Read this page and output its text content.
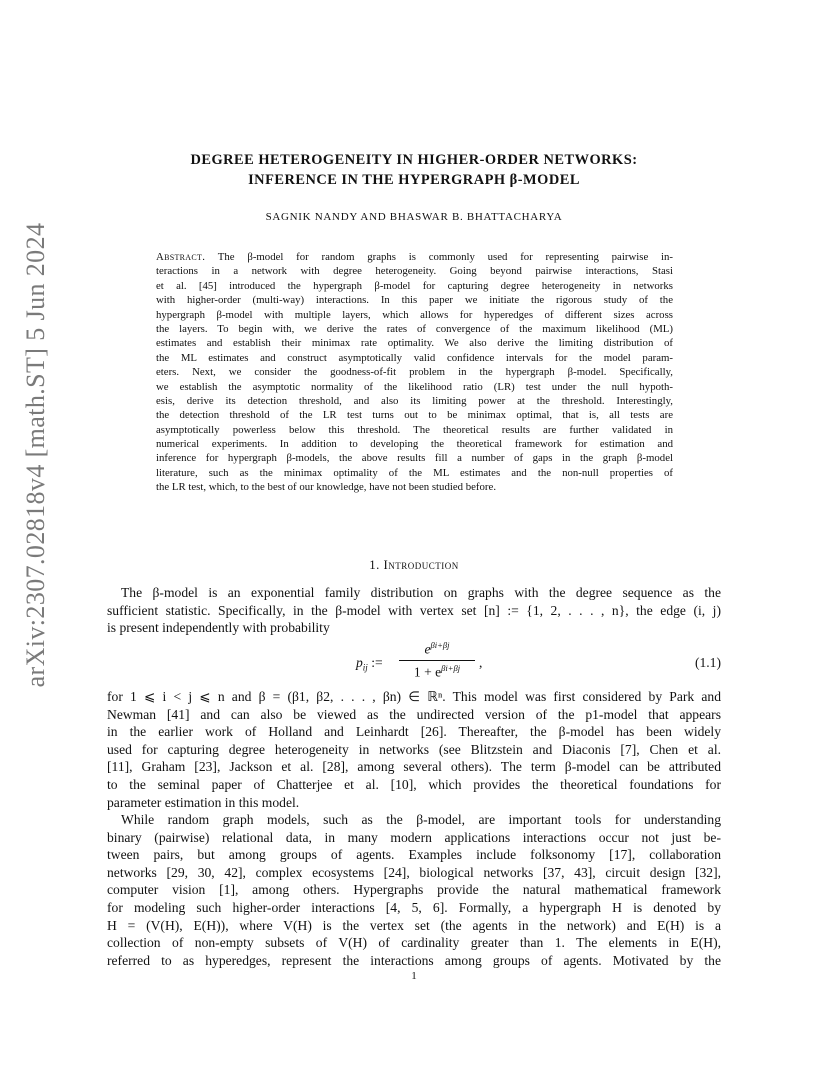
arXiv:2307.02818v4 [math.ST] 5 Jun 2024
DEGREE HETEROGENEITY IN HIGHER-ORDER NETWORKS:
INFERENCE IN THE HYPERGRAPH β-MODEL
SAGNIK NANDY AND BHASWAR B. BHATTACHARYA
Abstract. The β-model for random graphs is commonly used for representing pairwise in-
teractions in a network with degree heterogeneity. Going beyond pairwise interactions, Stasi
et al. [45] introduced the hypergraph β-model for capturing degree heterogeneity in networks
with higher-order (multi-way) interactions. In this paper we initiate the rigorous study of the
hypergraph β-model with multiple layers, which allows for hyperedges of different sizes across
the layers. To begin with, we derive the rates of convergence of the maximum likelihood (ML)
estimates and establish their minimax rate optimality. We also derive the limiting distribution of
the ML estimates and construct asymptotically valid confidence intervals for the model param-
eters. Next, we consider the goodness-of-fit problem in the hypergraph β-model. Specifically,
we establish the asymptotic normality of the likelihood ratio (LR) test under the null hypoth-
esis, derive its detection threshold, and also its limiting power at the threshold. Interestingly,
the detection threshold of the LR test turns out to be minimax optimal, that is, all tests are
asymptotically powerless below this threshold. The theoretical results are further validated in
numerical experiments. In addition to developing the theoretical framework for estimation and
inference for hypergraph β-models, the above results fill a number of gaps in the graph β-model
literature, such as the minimax optimality of the ML estimates and the non-null properties of
the LR test, which, to the best of our knowledge, have not been studied before.
1. Introduction
The β-model is an exponential family distribution on graphs with the degree sequence as the
sufficient statistic. Specifically, in the β-model with vertex set [n] := {1, 2, . . . , n}, the edge (i, j)
is present independently with probability
$p_{ij}$ :=
$e^{\beta i+\beta j}$
$1 + e^{\beta i+\beta j}$	,	(1.1)
for 1 ⩽ i < j ⩽ n and β = (β1, β2, . . . , βn) ∈ ℝⁿ. This model was first considered by Park and
Newman [41] and can also be viewed as the undirected version of the p1-model that appears
in the earlier work of Holland and Leinhardt [26]. Thereafter, the β-model has been widely
used for capturing degree heterogeneity in networks (see Blitzstein and Diaconis [7], Chen et al.
[11], Graham [23], Jackson et al. [28], among several others). The term β-model can be attributed
to the seminal paper of Chatterjee et al. [10], which provides the theoretical foundations for
parameter estimation in this model.
While random graph models, such as the β-model, are important tools for understanding
binary (pairwise) relational data, in many modern applications interactions occur not just be-
tween pairs, but among groups of agents. Examples include folksonomy [17], collaboration
networks [29, 30, 42], complex ecosystems [24], biological networks [37, 43], circuit design [32],
computer vision [1], among others. Hypergraphs provide the natural mathematical framework
for modeling such higher-order interactions [4, 5, 6]. Formally, a hypergraph H is denoted by
H = (V(H), E(H)), where V(H) is the vertex set (the agents in the network) and E(H) is a
collection of non-empty subsets of V(H) of cardinality greater than 1. The elements in E(H),
referred to as hyperedges, represent the interactions among groups of agents. Motivated by the
1
